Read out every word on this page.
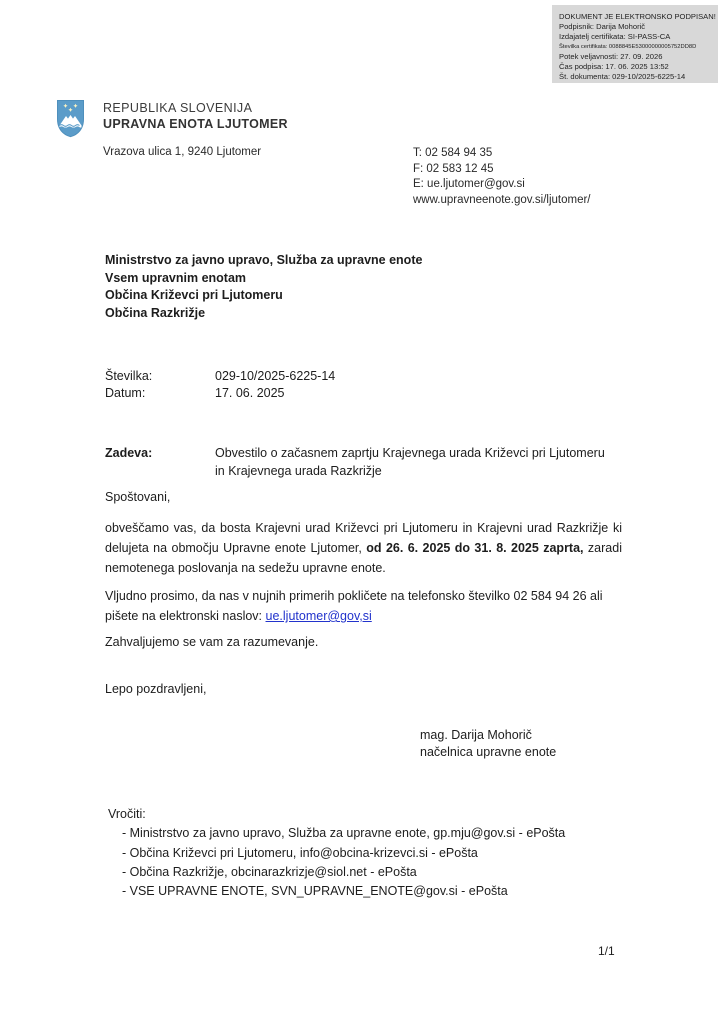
DOKUMENT JE ELEKTRONSKO PODPISAN!
Podpisnik: Darija Mohorič
Izdajatelj certifikata: SI-PASS-CA
Številka certifikata: 0088845E53000000005752DD8D
Potek veljavnosti: 27. 09. 2026
Čas podpisa: 17. 06. 2025 13:52
Št. dokumenta: 029-10/2025-6225-14
REPUBLIKA SLOVENIJA
UPRAVNA ENOTA LJUTOMER
Vrazova ulica 1, 9240 Ljutomer	T: 02 584 94 35
F: 02 583 12 45
E: ue.ljutomer@gov.si
www.upravneenote.gov.si/ljutomer/
Ministrstvo za javno upravo, Služba za upravne enote
Vsem upravnim enotam
Občina Križevci pri Ljutomeru
Občina Razkrižje
Številka:	029-10/2025-6225-14
Datum:	17. 06. 2025
Zadeva:	Obvestilo o začasnem zaprtju Krajevnega urada Križevci pri Ljutomeru in Krajevnega urada Razkrižje
Spoštovani,
obveščamo vas, da bosta Krajevni urad Križevci pri Ljutomeru in Krajevni urad Razkrižje ki delujeta na območju Upravne enote Ljutomer, od 26. 6. 2025 do 31. 8. 2025 zaprta, zaradi nemotenega poslovanja na sedežu upravne enote.
Vljudno prosimo, da nas v nujnih primerih pokličete na telefonsko številko 02 584 94 26 ali pišete na elektronski naslov: ue.ljutomer@gov,si
Zahvaljujemo se vam za razumevanje.
Lepo pozdravljeni,
mag. Darija Mohorič
načelnica upravne enote
Vročiti:
- Ministrstvo za javno upravo, Služba za upravne enote, gp.mju@gov.si - ePošta
- Občina Križevci pri Ljutomeru, info@obcina-krizevci.si - ePošta
- Občina Razkrižje, obcinarazkrizje@siol.net - ePošta
- VSE UPRAVNE ENOTE, SVN_UPRAVNE_ENOTE@gov.si - ePošta
1/1
